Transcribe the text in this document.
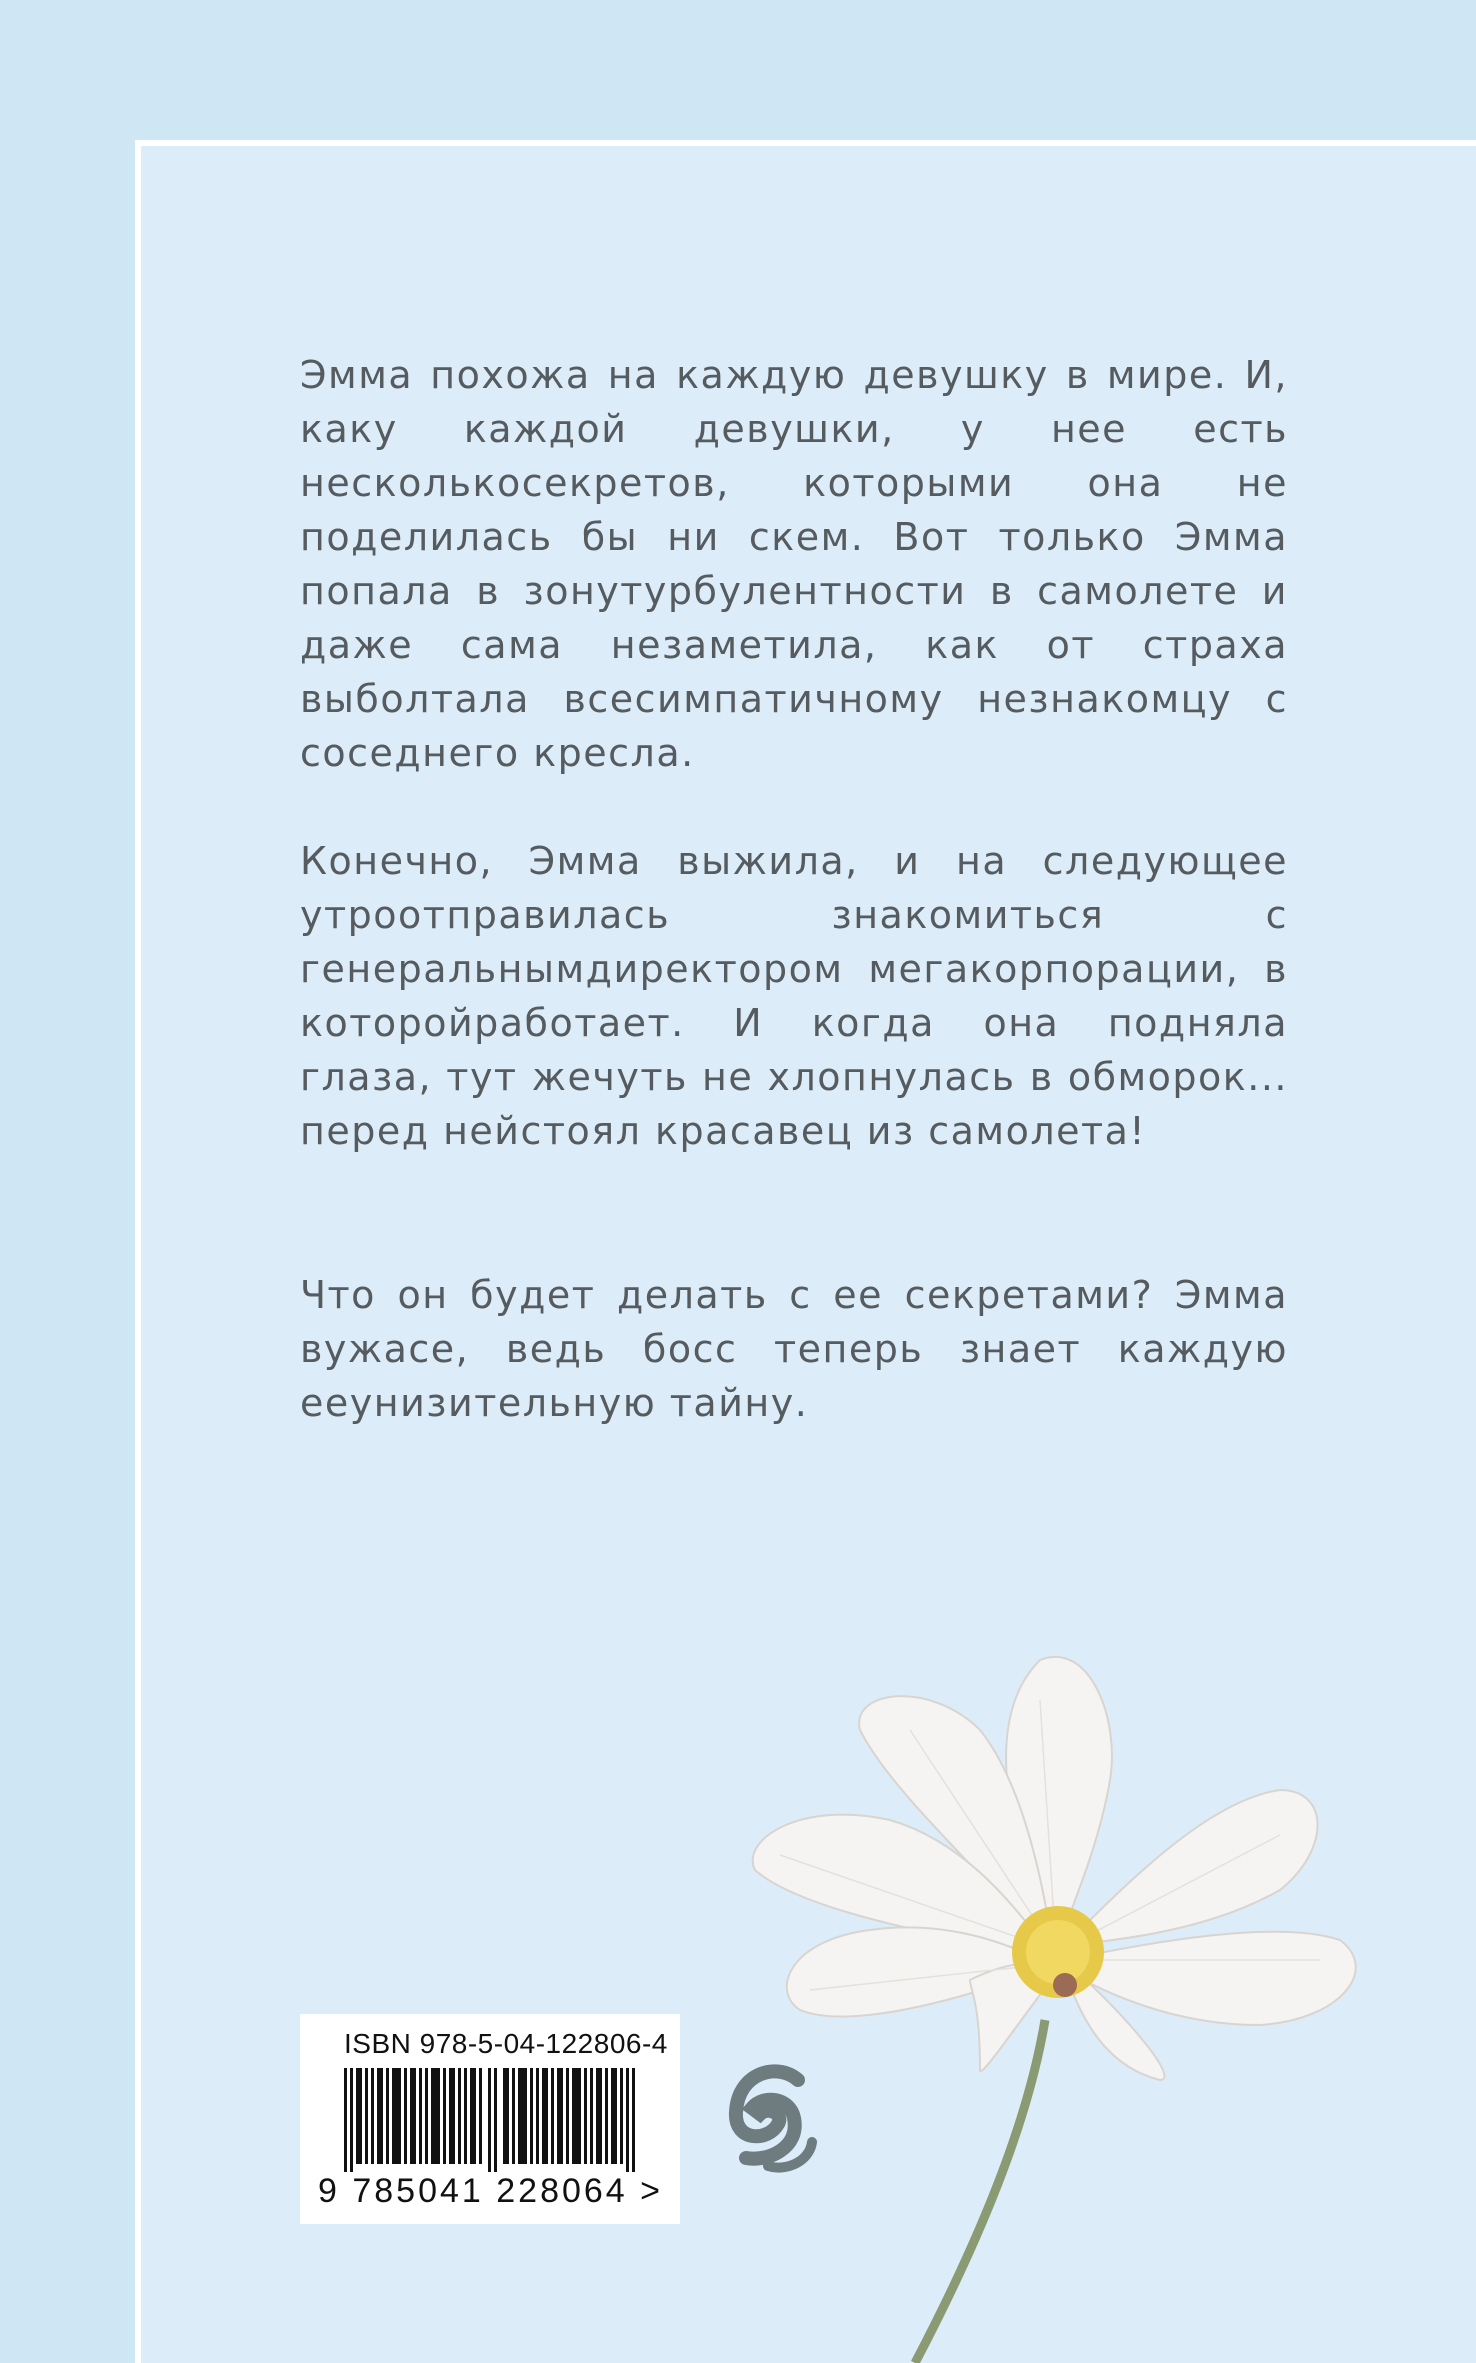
Эмма похожа на каждую девушку в мире. И, каку каждой девушки, у нее есть несколькосекретов, которыми она не поделилась бы ни скем. Вот только Эмма попала в зонутурбулентности в самолете и даже сама незаметила, как от страха выболтала всесимпатичному незнакомцу с соседнего кресла.
Конечно, Эмма выжила, и на следующее утроотправилась знакомиться с генеральнымдиректором мегакорпорации, в которойработает. И когда она подняла глаза, тут жечуть не хлопнулась в обморок... перед нейстоял красавец из самолета!
Что он будет делать с ее секретами? Эмма вужасе, ведь босс теперь знает каждую ееунизительную тайну.
ISBN 978-5-04-122806-4
9 785041 228064 >
